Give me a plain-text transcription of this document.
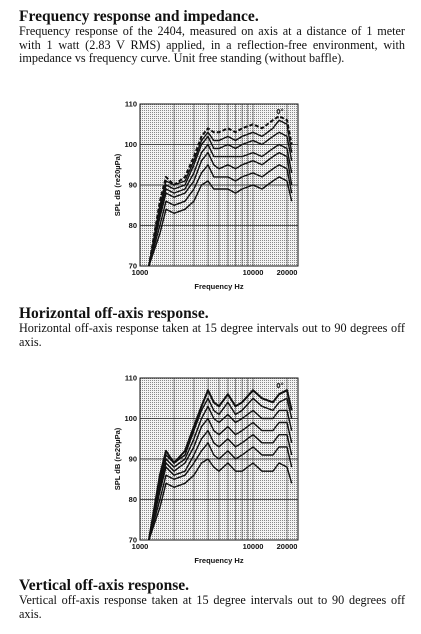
Frequency response and impedance.

Frequency response of the 2404, measured on axis at a distance of 1 meter with 1 watt (2.83 V RMS) applied, in a reflection-free environment, with impedance vs frequency curve. Unit free standing (without baffle).

70
80
90
100
110
1000	10000 20000
Frequency Hz
SPL dB (re20µPa)
0°
Horizontal off-axis response.

Horizontal off-axis response taken at 15 degree intervals out to 90 degrees off axis.

70
80
90
100
110
1000	10000 20000
Frequency Hz
SPL dB (re20µPa)
0°
Vertical off-axis response.

Vertical off-axis response taken at 15 degree intervals out to 90 degrees off axis.
